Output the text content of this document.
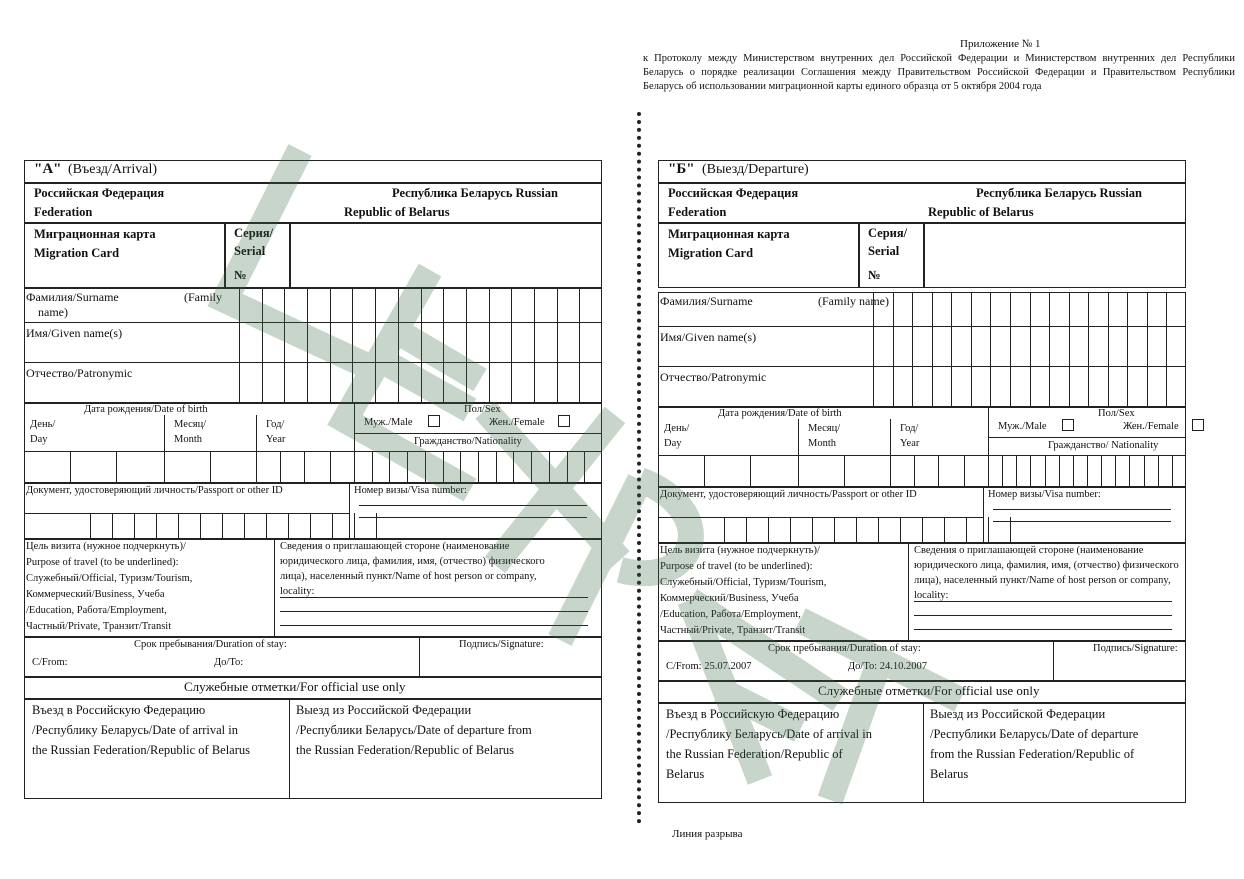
Приложение № 1
к Протоколу между Министерством внутренних дел Российской Федерации и Министерством внутренних дел Республики Беларусь о порядке реализации Соглашения между Правительством Российской Федерации и Правительством Республики Беларусь об использовании миграционной карты единого образца от 5 октября 2004 года
Линия разрыва
"А" (Въезд/Arrival)
Российская Федерация
Federation
Республика Беларусь Russian
Republic of Belarus
Миграционная карта
Migration Card
Серия/
Serial
№
Фамилия/Surname	(Family
name)
Имя/Given name(s)
Отчество/Patronymic
Дата рождения/Date of birth
День/
Day
Месяц/
Month
Год/
Year
Пол/Sex
Муж./Male	Жен./Female
Гражданство/Nationality
Документ, удостоверяющий личность/Passport or other ID	Номер визы/Visa number:
Цель визита (нужное подчеркнуть)/
Purpose of travel (to be underlined):
Служебный/Official, Туризм/Tourism,
Коммерческий/Business, Учеба
/Education, Работа/Employment,
Частный/Private, Транзит/Transit
Сведения о приглашающей стороне (наименование
юридического лица, фамилия, имя, (отчество) физического
лица), населенный пункт/Name of host person or company,
locality:
Срок пребывания/Duration of stay:
С/From:	До/To:
Подпись/Signature:
Служебные отметки/For official use only
Въезд в Российскую Федерацию
/Республику Беларусь/Date of arrival in
the Russian Federation/Republic of Belarus
Выезд из Российской Федерации
/Республики Беларусь/Date of departure from
the Russian Federation/Republic of Belarus
"Б" (Выезд/Departure)
Российская Федерация
Federation
Республика Беларусь Russian
Republic of Belarus
Миграционная карта
Migration Card
Серия/
Serial
№
Фамилия/Surname	(Family name)
Имя/Given name(s)
Отчество/Patronymic
Дата рождения/Date of birth
День/
Day
Месяц/
Month
Год/
Year
Пол/Sex
Муж./Male	Жен./Female
Гражданство/ Nationality
Документ, удостоверяющий личность/Passport or other ID	Номер визы/Visa number:
Цель визита (нужное подчеркнуть)/
Purpose of travel (to be underlined):
Служебный/Official, Туризм/Tourism,
Коммерческий/Business, Учеба
/Education, Работа/Employment,
Частный/Private, Транзит/Transit
Сведения о приглашающей стороне (наименование
юридического лица, фамилия, имя, (отчество) физического
лица), населенный пункт/Name of host person or company,
locality:
Срок пребывания/Duration of stay:
С/From: 25.07.2007	До/To: 24.10.2007
Подпись/Signature:
Служебные отметки/For official use only
Въезд в Российскую Федерацию
/Республику Беларусь/Date of arrival in
the Russian Federation/Republic of
Belarus
Выезд из Российской Федерации
/Республики Беларусь/Date of departure
from the Russian Federation/Republic of
Belarus
